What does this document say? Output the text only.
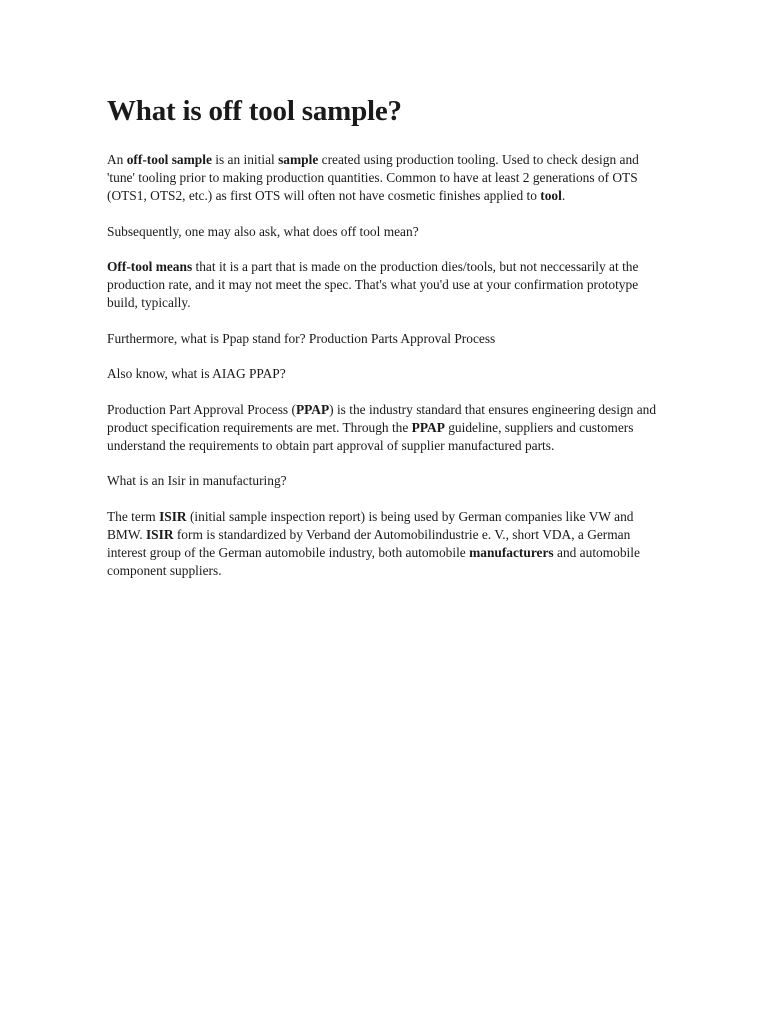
What is off tool sample?

An off-tool sample is an initial sample created using production tooling. Used to check design and 'tune' tooling prior to making production quantities. Common to have at least 2 generations of OTS (OTS1, OTS2, etc.) as first OTS will often not have cosmetic finishes applied to tool.

Subsequently, one may also ask, what does off tool mean?

Off-tool means that it is a part that is made on the production dies/tools, but not neccessarily at the production rate, and it may not meet the spec. That's what you'd use at your confirmation prototype build, typically.

Furthermore, what is Ppap stand for? Production Parts Approval Process

Also know, what is AIAG PPAP?

Production Part Approval Process (PPAP) is the industry standard that ensures engineering design and product specification requirements are met. Through the PPAP guideline, suppliers and customers understand the requirements to obtain part approval of supplier manufactured parts.

What is an Isir in manufacturing?

The term ISIR (initial sample inspection report) is being used by German companies like VW and BMW. ISIR form is standardized by Verband der Automobilindustrie e. V., short VDA, a German interest group of the German automobile industry, both automobile manufacturers and automobile component suppliers.
